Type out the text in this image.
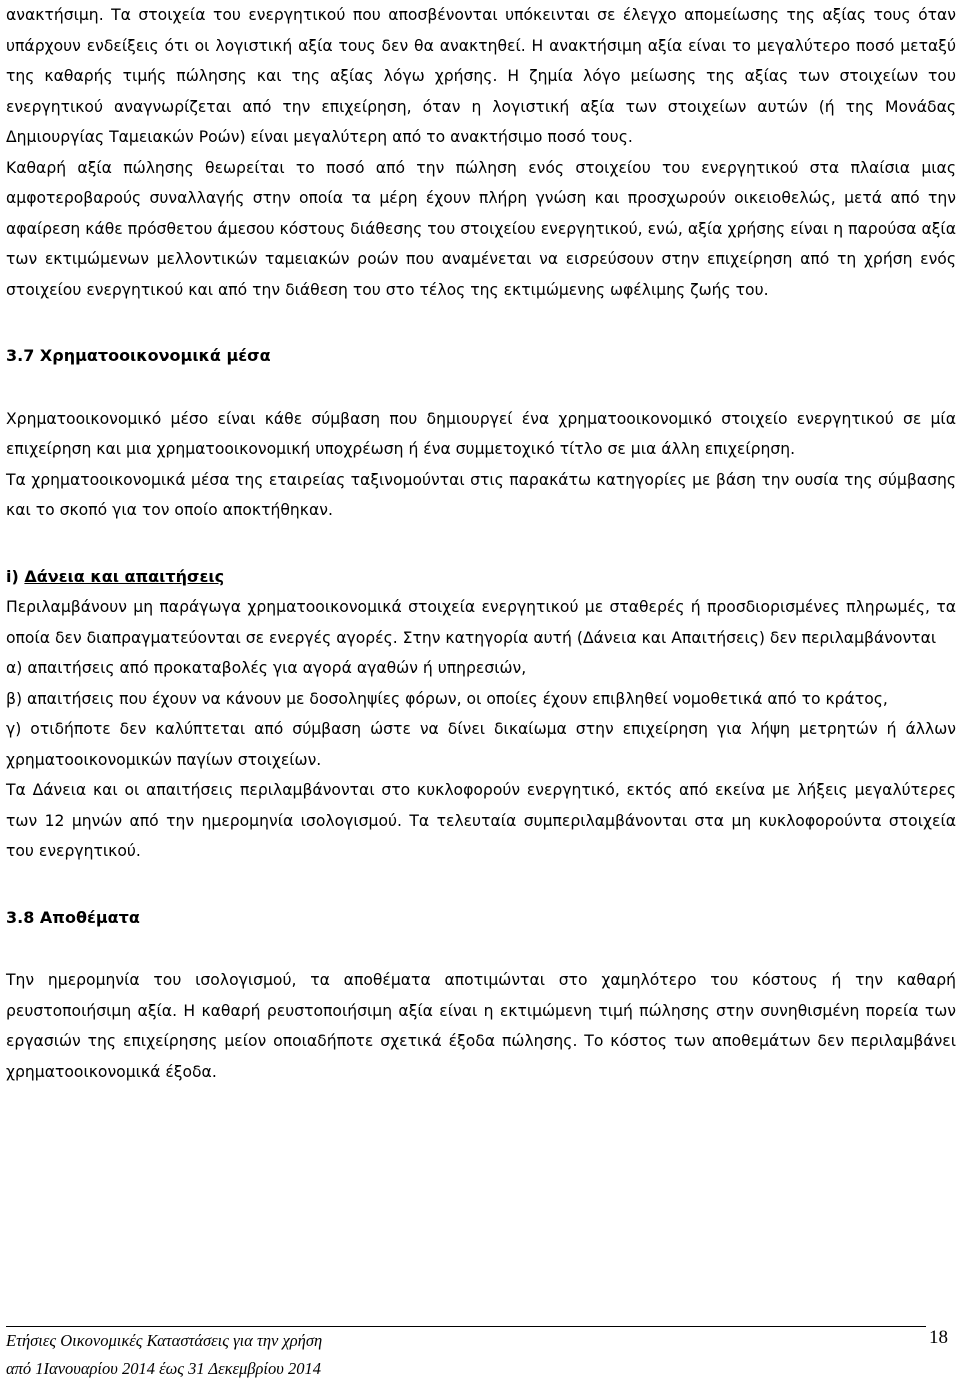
ανακτήσιμη. Τα στοιχεία του ενεργητικού που αποσβένονται υπόκεινται σε έλεγχο απομείωσης της αξίας τους όταν υπάρχουν ενδείξεις ότι οι λογιστική αξία τους δεν θα ανακτηθεί. Η ανακτήσιμη αξία είναι το μεγαλύτερο ποσό μεταξύ της καθαρής τιμής πώλησης και της αξίας λόγω χρήσης. Η ζημία λόγο μείωσης της αξίας των στοιχείων του ενεργητικού αναγνωρίζεται από την επιχείρηση, όταν η λογιστική αξία των στοιχείων αυτών (ή της Μονάδας Δημιουργίας Ταμειακών Ροών) είναι μεγαλύτερη από το ανακτήσιμο ποσό τους.

Καθαρή αξία πώλησης θεωρείται το ποσό από την πώληση ενός στοιχείου του ενεργητικού στα πλαίσια μιας αμφοτεροβαρούς συναλλαγής στην οποία τα μέρη έχουν πλήρη γνώση και προσχωρούν οικειοθελώς, μετά από την αφαίρεση κάθε πρόσθετου άμεσου κόστους διάθεσης του στοιχείου ενεργητικού, ενώ, αξία χρήσης είναι η παρούσα αξία των εκτιμώμενων μελλοντικών ταμειακών ροών που αναμένεται να εισρεύσουν στην επιχείρηση από τη χρήση ενός στοιχείου ενεργητικού και από την διάθεση του στο τέλος της εκτιμώμενης ωφέλιμης ζωής του.

3.7 Χρηματοοικονομικά μέσα

Χρηματοοικονομικό μέσο είναι κάθε σύμβαση που δημιουργεί ένα χρηματοοικονομικό στοιχείο ενεργητικού σε μία επιχείρηση και μια χρηματοοικονομική υποχρέωση ή ένα συμμετοχικό τίτλο σε μια άλλη επιχείρηση.

Τα χρηματοοικονομικά μέσα της εταιρείας ταξινομούνται στις παρακάτω κατηγορίες με βάση την ουσία της σύμβασης και το σκοπό για τον οποίο αποκτήθηκαν.

i) Δάνεια και απαιτήσεις

Περιλαμβάνουν μη παράγωγα χρηματοοικονομικά στοιχεία ενεργητικού με σταθερές ή προσδιορισμένες πληρωμές, τα οποία δεν διαπραγματεύονται σε ενεργές αγορές. Στην κατηγορία αυτή (Δάνεια και Απαιτήσεις) δεν περιλαμβάνονται

α) απαιτήσεις από προκαταβολές για αγορά αγαθών ή υπηρεσιών,

β) απαιτήσεις που έχουν να κάνουν με δοσοληψίες φόρων, οι οποίες έχουν επιβληθεί νομοθετικά από το κράτος,

γ) οτιδήποτε δεν καλύπτεται από σύμβαση ώστε να δίνει δικαίωμα στην επιχείρηση για λήψη μετρητών ή άλλων χρηματοοικονομικών παγίων στοιχείων.

Τα Δάνεια και οι απαιτήσεις περιλαμβάνονται στο κυκλοφορούν ενεργητικό, εκτός από εκείνα με λήξεις μεγαλύτερες των 12 μηνών από την ημερομηνία ισολογισμού. Τα τελευταία συμπεριλαμβάνονται στα μη κυκλοφορούντα στοιχεία του ενεργητικού.

3.8 Αποθέματα

Την ημερομηνία του ισολογισμού, τα αποθέματα αποτιμώνται στο χαμηλότερο του κόστους ή την καθαρή ρευστοποιήσιμη αξία. Η καθαρή ρευστοποιήσιμη αξία είναι η εκτιμώμενη τιμή πώλησης στην συνηθισμένη πορεία των εργασιών της επιχείρησης μείον οποιαδήποτε σχετικά έξοδα πώλησης. Το κόστος των αποθεμάτων δεν περιλαμβάνει χρηματοοικονομικά έξοδα.

Ετήσιες Οικονομικές Καταστάσεις για την χρήση	18
από 1Ιανουαρίου 2014 έως 31 Δεκεμβρίου 2014
